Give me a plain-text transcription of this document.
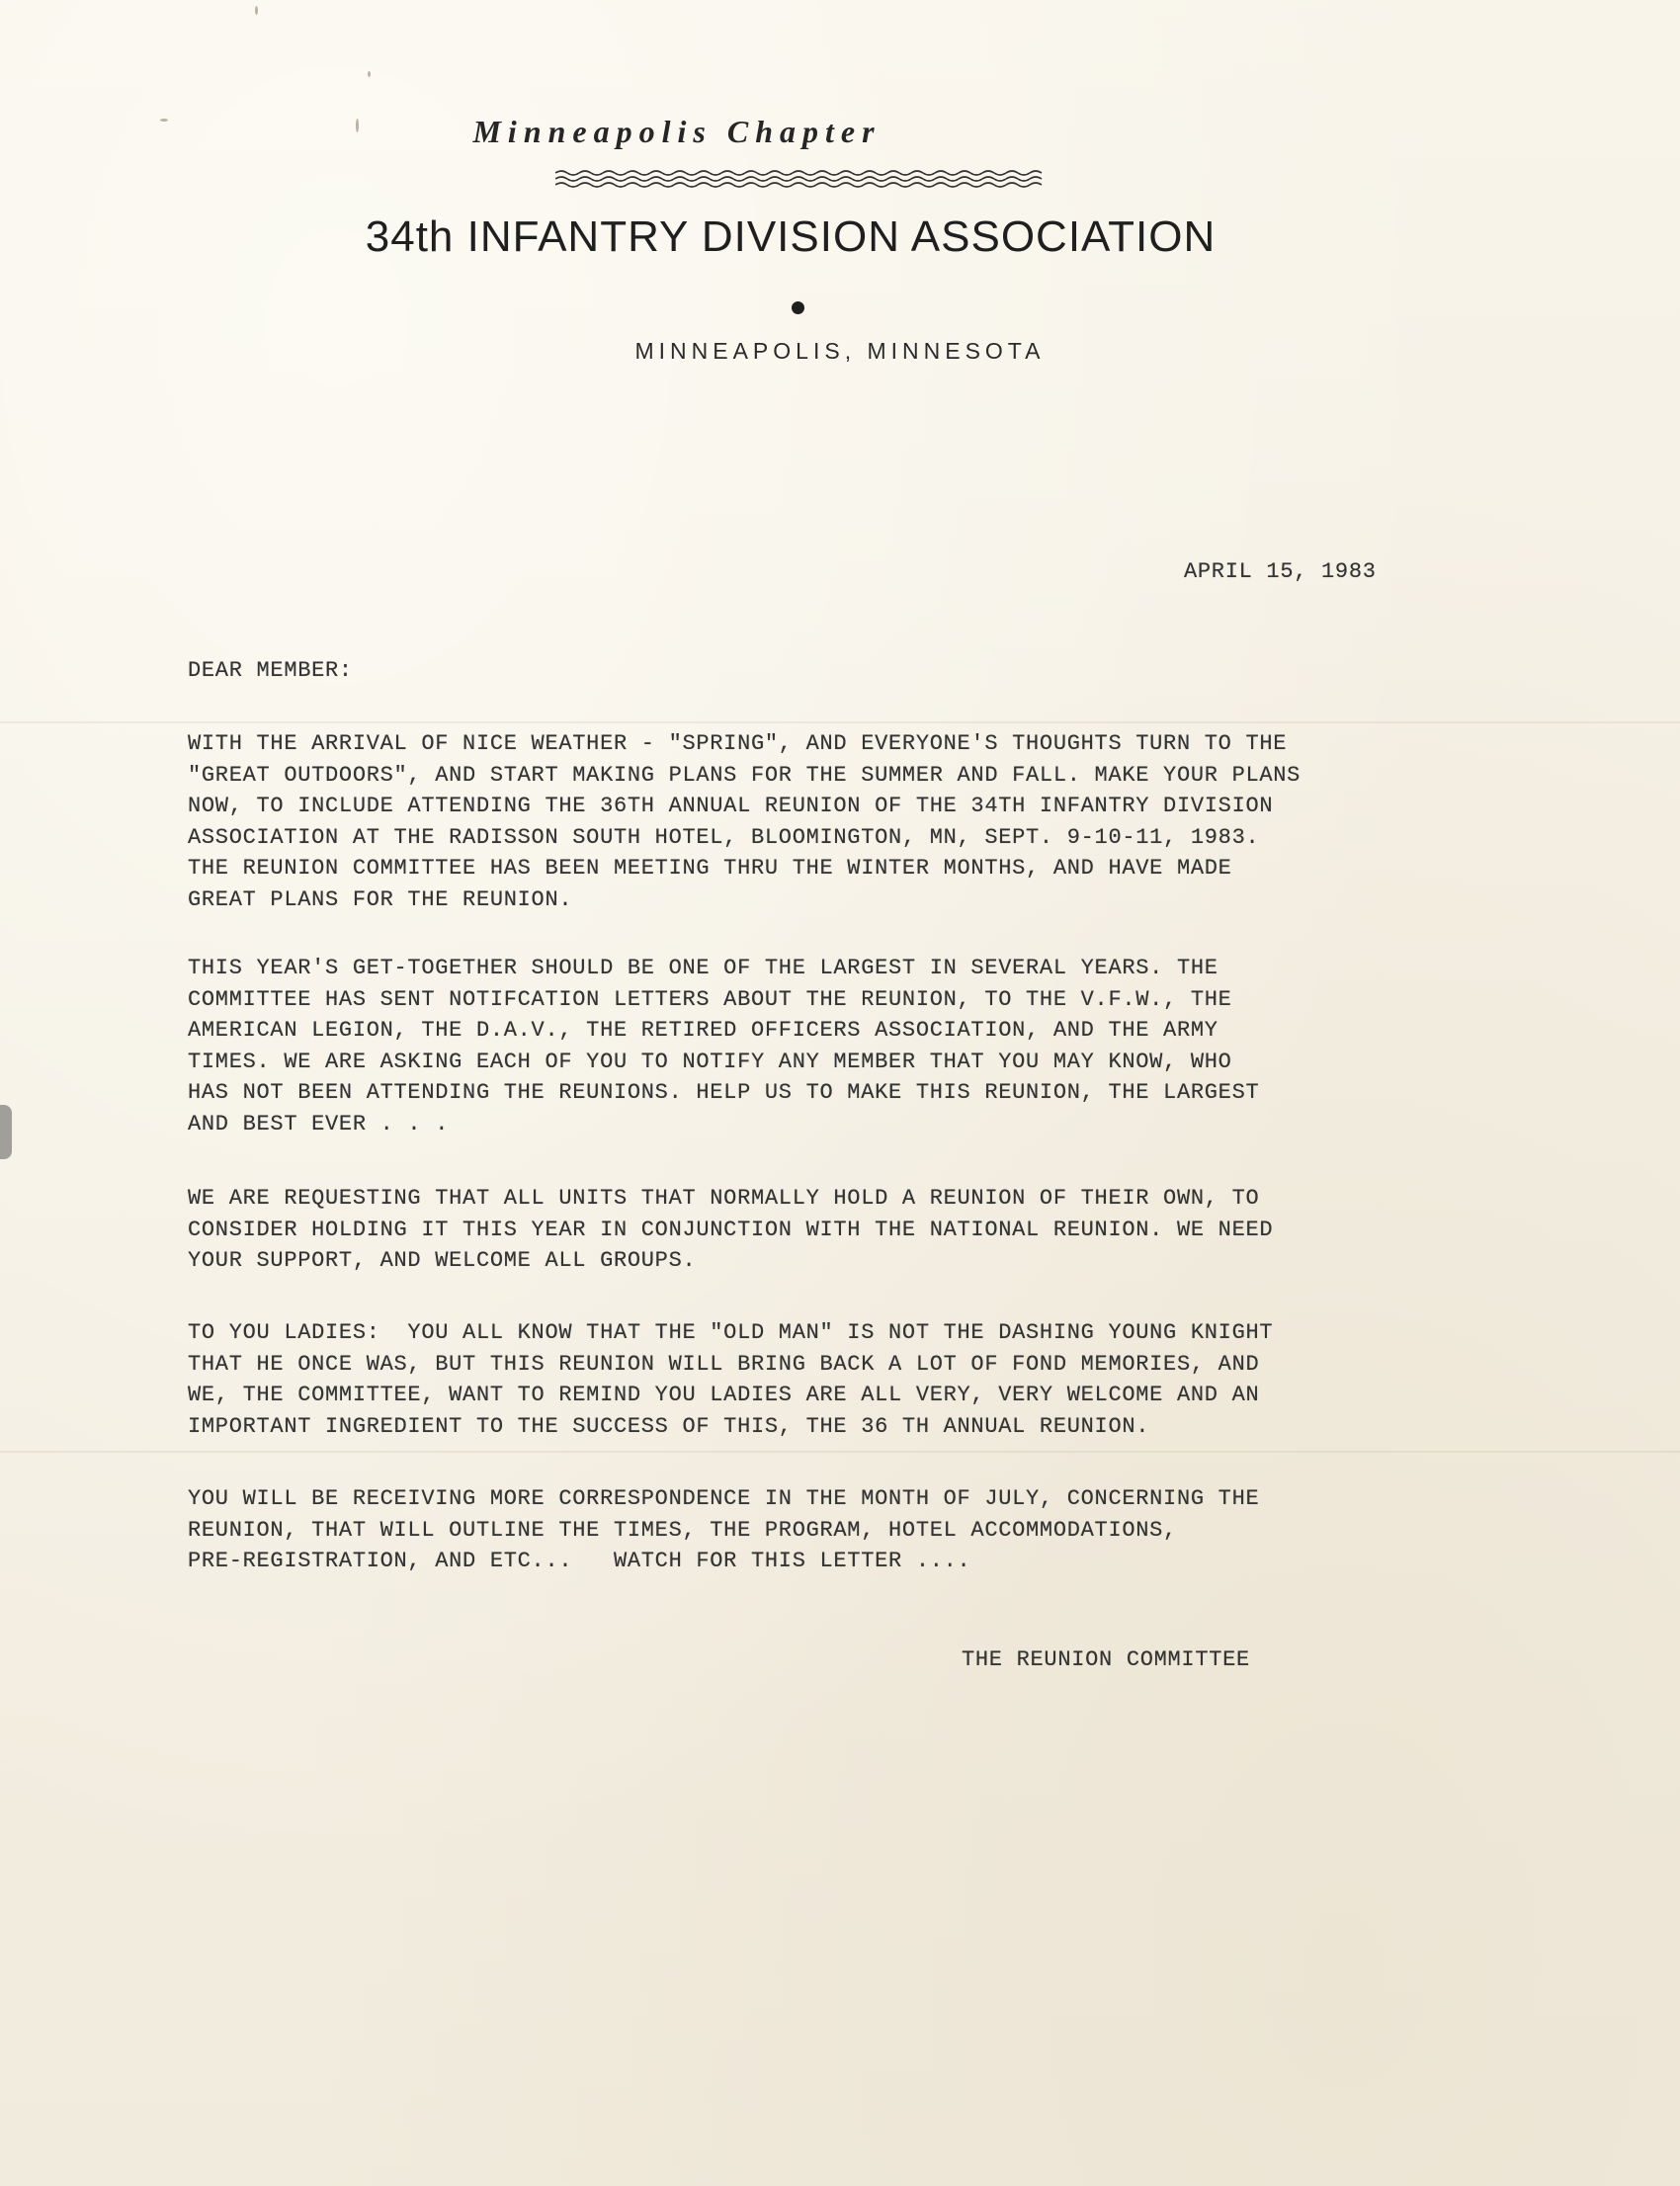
Minneapolis Chapter
34th INFANTRY DIVISION ASSOCIATION
MINNEAPOLIS, MINNESOTA
APRIL 15, 1983
DEAR MEMBER:
WITH THE ARRIVAL OF NICE WEATHER - "SPRING", AND EVERYONE'S THOUGHTS TURN TO THE
"GREAT OUTDOORS", AND START MAKING PLANS FOR THE SUMMER AND FALL. MAKE YOUR PLANS
NOW, TO INCLUDE ATTENDING THE 36TH ANNUAL REUNION OF THE 34TH INFANTRY DIVISION
ASSOCIATION AT THE RADISSON SOUTH HOTEL, BLOOMINGTON, MN, SEPT. 9-10-11, 1983.
THE REUNION COMMITTEE HAS BEEN MEETING THRU THE WINTER MONTHS, AND HAVE MADE
GREAT PLANS FOR THE REUNION.
THIS YEAR'S GET-TOGETHER SHOULD BE ONE OF THE LARGEST IN SEVERAL YEARS. THE
COMMITTEE HAS SENT NOTIFCATION LETTERS ABOUT THE REUNION, TO THE V.F.W., THE
AMERICAN LEGION, THE D.A.V., THE RETIRED OFFICERS ASSOCIATION, AND THE ARMY
TIMES. WE ARE ASKING EACH OF YOU TO NOTIFY ANY MEMBER THAT YOU MAY KNOW, WHO
HAS NOT BEEN ATTENDING THE REUNIONS. HELP US TO MAKE THIS REUNION, THE LARGEST
AND BEST EVER . . .
WE ARE REQUESTING THAT ALL UNITS THAT NORMALLY HOLD A REUNION OF THEIR OWN, TO
CONSIDER HOLDING IT THIS YEAR IN CONJUNCTION WITH THE NATIONAL REUNION. WE NEED
YOUR SUPPORT, AND WELCOME ALL GROUPS.
TO YOU LADIES:  YOU ALL KNOW THAT THE "OLD MAN" IS NOT THE DASHING YOUNG KNIGHT
THAT HE ONCE WAS, BUT THIS REUNION WILL BRING BACK A LOT OF FOND MEMORIES, AND
WE, THE COMMITTEE, WANT TO REMIND YOU LADIES ARE ALL VERY, VERY WELCOME AND AN
IMPORTANT INGREDIENT TO THE SUCCESS OF THIS, THE 36 TH ANNUAL REUNION.
YOU WILL BE RECEIVING MORE CORRESPONDENCE IN THE MONTH OF JULY, CONCERNING THE
REUNION, THAT WILL OUTLINE THE TIMES, THE PROGRAM, HOTEL ACCOMMODATIONS,
PRE-REGISTRATION, AND ETC...   WATCH FOR THIS LETTER ....
THE REUNION COMMITTEE
